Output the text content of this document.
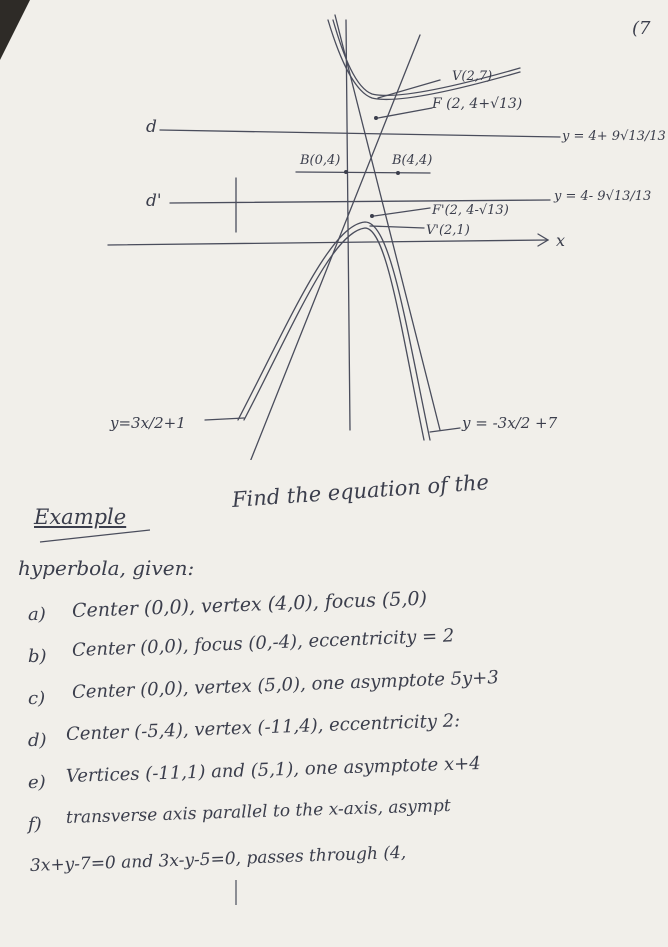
(7
V(2,7)
F (2, 4+√13)
d	y = 4+ 9√13/13
B(0,4)	B(4,4)
d'	y = 4- 9√13/13
F'(2, 4-√13)
V'(2,1)
x
y=3x/2+1	y = -3x/2 +7
Example
Find the equation of the
hyperbola, given:
a) Center (0,0), vertex (4,0), focus (5,0)
b) Center (0,0), focus (0,-4), eccentricity = 2
c) Center (0,0), vertex (5,0), one asymptote 5y+3
d) Center (-5,4), vertex (-11,4), eccentricity 2:
e) Vertices (-11,1) and (5,1), one asymptote x+4
f) transverse axis parallel to the x-axis, asympt
3x+y-7=0 and 3x-y-5=0, passes through (4,
